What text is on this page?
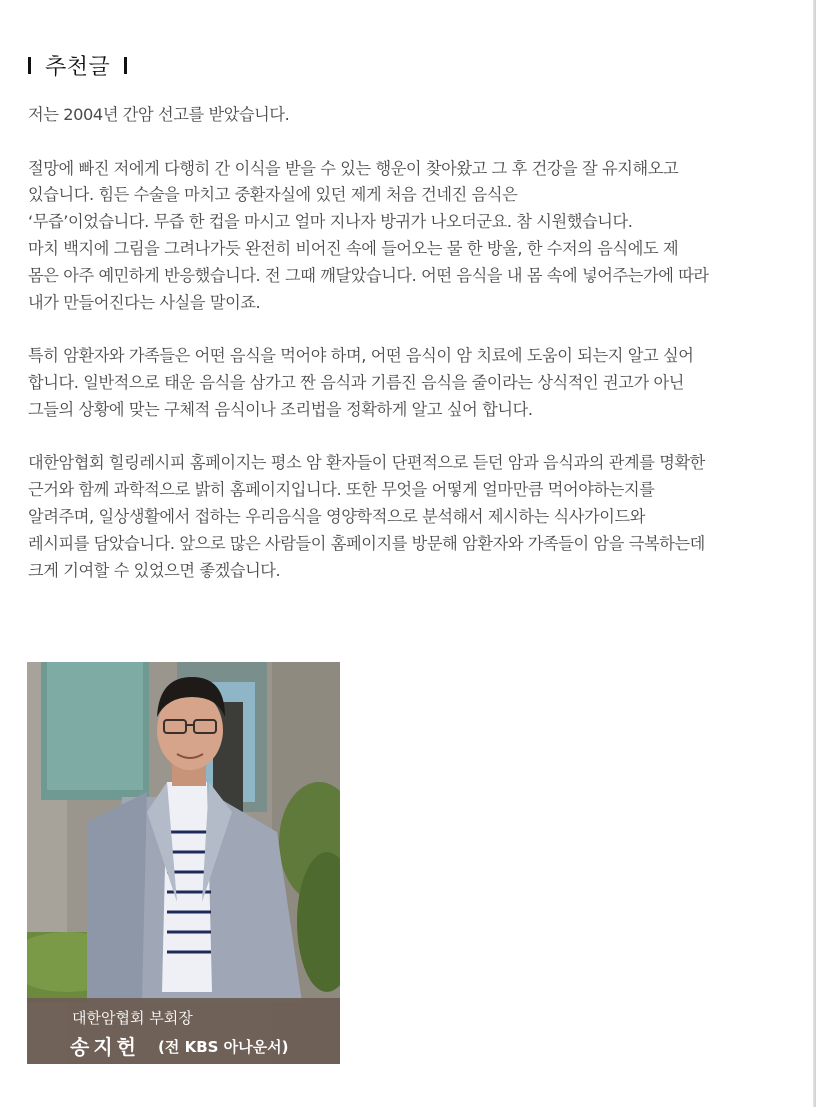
추천글

저는 2004년 간암 선고를 받았습니다.

절망에 빠진 저에게 다행히 간 이식을 받을 수 있는 행운이 찾아왔고 그 후 건강을 잘 유지해오고

있습니다. 힘든 수술을 마치고 중환자실에 있던 제게 처음 건네진 음식은

‘무즙’이었습니다. 무즙 한 컵을 마시고 얼마 지나자 방귀가 나오더군요. 참 시원했습니다.

마치 백지에 그림을 그려나가듯 완전히 비어진 속에 들어오는 물 한 방울, 한 수저의 음식에도 제

몸은 아주 예민하게 반응했습니다. 전 그때 깨달았습니다. 어떤 음식을 내 몸 속에 넣어주는가에 따라

내가 만들어진다는 사실을 말이죠.

특히 암환자와 가족들은 어떤 음식을 먹어야 하며, 어떤 음식이 암 치료에 도움이 되는지 알고 싶어

합니다. 일반적으로 태운 음식을 삼가고 짠 음식과 기름진 음식을 줄이라는 상식적인 권고가 아닌

그들의 상황에 맞는 구체적 음식이나 조리법을 정확하게 알고 싶어 합니다.

대한암협회 힐링레시피 홈페이지는 평소 암 환자들이 단편적으로 듣던 암과 음식과의 관계를 명확한

근거와 함께 과학적으로 밝히 홈페이지입니다. 또한 무엇을 어떻게 얼마만큼 먹어야하는지를

알려주며, 일상생활에서 접하는 우리음식을 영양학적으로 분석해서 제시하는 식사가이드와

레시피를 담았습니다. 앞으로 많은 사람들이 홈페이지를 방문해 암환자와 가족들이 암을 극복하는데

크게 기여할 수 있었으면 좋겠습니다.

대한암협회 부회장
송지헌 (전 KBS 아나운서)
